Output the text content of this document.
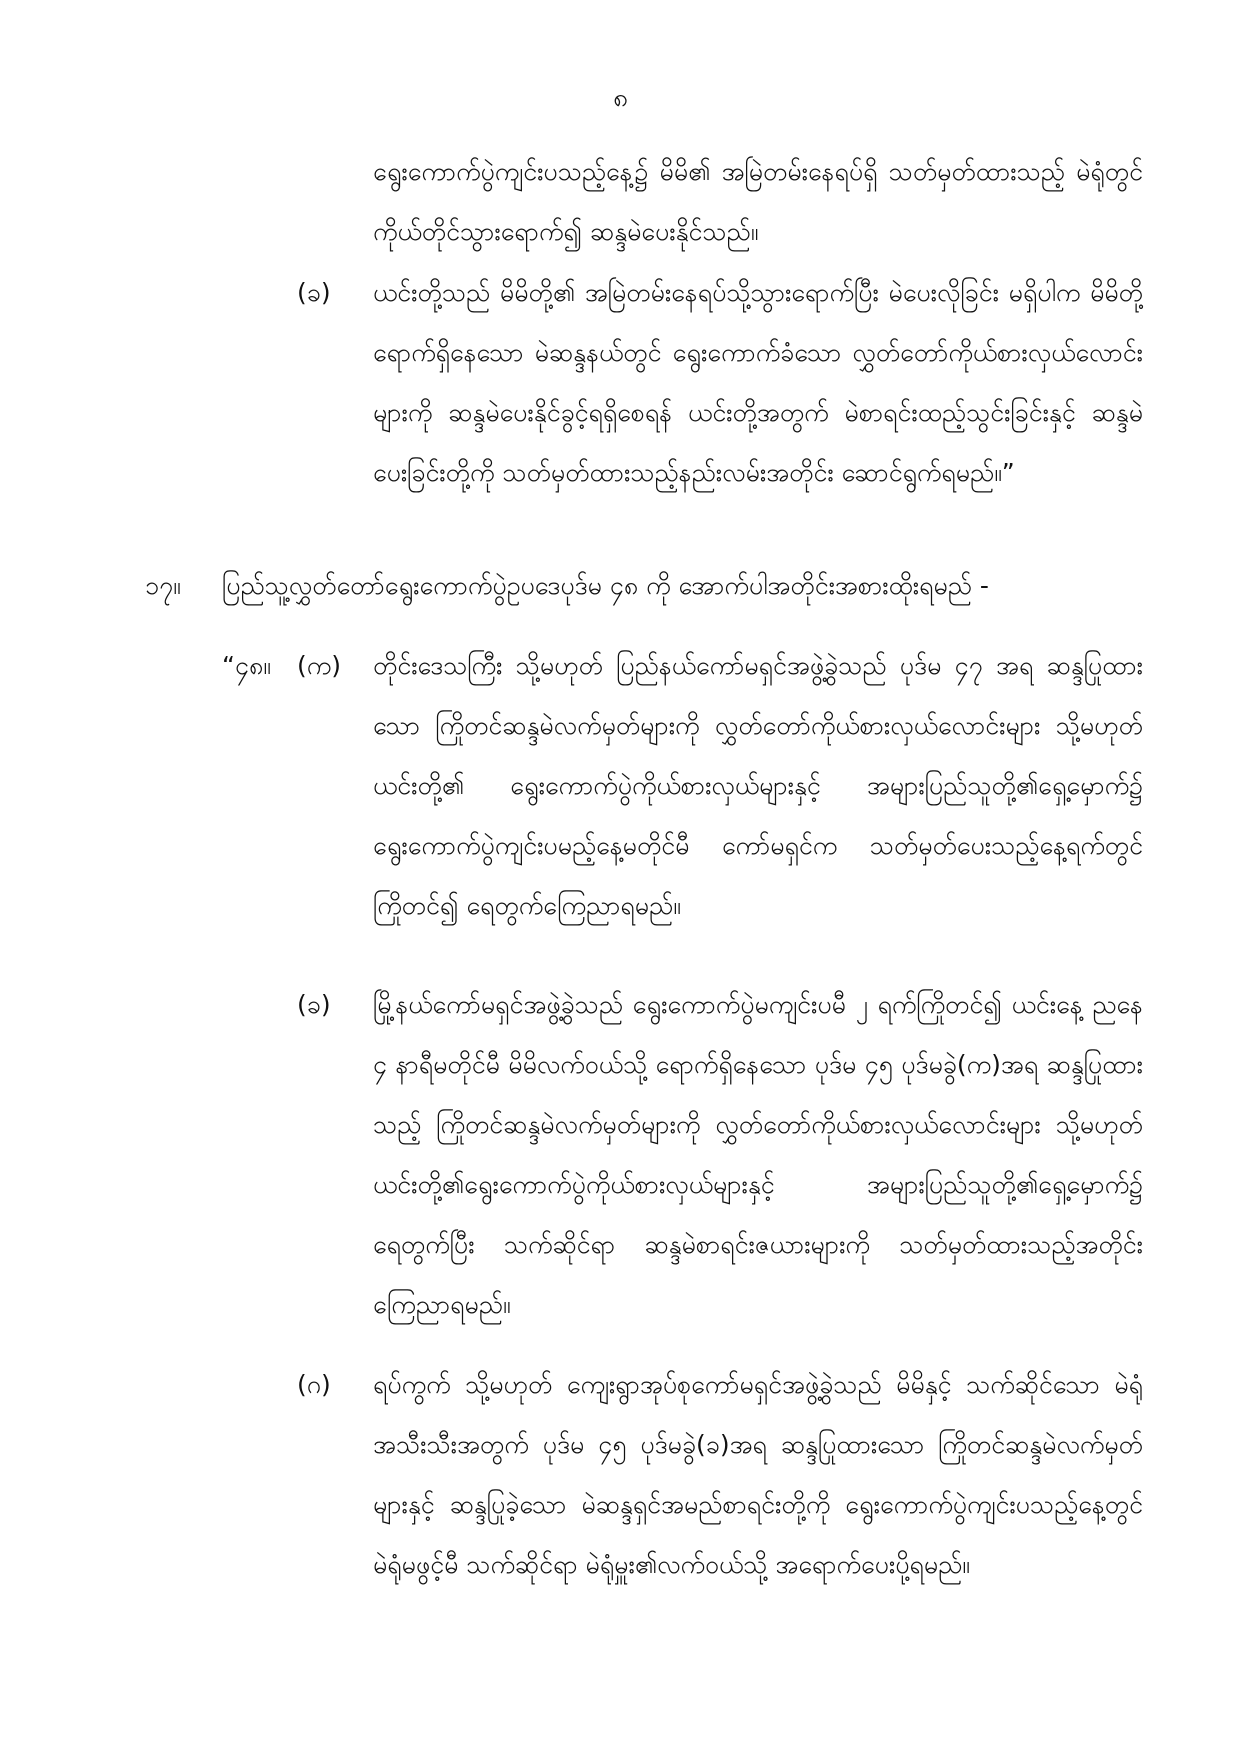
၈
ရွေးကောက်ပွဲကျင်းပသည့်နေ့၌ မိမိ၏ အမြဲတမ်းနေရပ်ရှိ သတ်မှတ်ထားသည့် မဲရုံတွင် ကိုယ်တိုင်သွားရောက်၍ ဆန္ဒမဲပေးနိုင်သည်။
(ခ) ယင်းတို့သည် မိမိတို့၏ အမြဲတမ်းနေရပ်သို့သွားရောက်ပြီး မဲပေးလိုခြင်း မရှိပါက မိမိတို့ရောက်ရှိနေသော မဲဆန္ဒနယ်တွင် ရွေးကောက်ခံသော လွှတ်တော်ကိုယ်စားလှယ်လောင်းများကို ဆန္ဒမဲပေးနိုင်ခွင့်ရရှိစေရန် ယင်းတို့အတွက် မဲစာရင်းထည့်သွင်းခြင်းနှင့် ဆန္ဒမဲပေးခြင်းတို့ကို သတ်မှတ်ထားသည့်နည်းလမ်းအတိုင်း ဆောင်ရွက်ရမည်။”
၁၇။ ပြည်သူ့လွှတ်တော်ရွေးကောက်ပွဲဥပဒေပုဒ်မ ၄၈ ကို အောက်ပါအတိုင်းအစားထိုးရမည် -
“၄၈။ (က) တိုင်းဒေသကြီး သို့မဟုတ် ပြည်နယ်ကော်မရှင်အဖွဲ့ခွဲသည် ပုဒ်မ ၄၇ အရ ဆန္ဒပြုထားသော ကြိုတင်ဆန္ဒမဲလက်မှတ်များကို လွှတ်တော်ကိုယ်စားလှယ်လောင်းများ သို့မဟုတ် ယင်းတို့၏ ရွေးကောက်ပွဲကိုယ်စားလှယ်များနှင့် အများပြည်သူတို့၏ရှေ့မှောက်၌ ရွေးကောက်ပွဲကျင်းပမည့်နေ့မတိုင်မီ ကော်မရှင်က သတ်မှတ်ပေးသည့်နေ့ရက်တွင် ကြိုတင်၍ ရေတွက်ကြေညာရမည်။
(ခ) မြို့နယ်ကော်မရှင်အဖွဲ့ခွဲသည် ရွေးကောက်ပွဲမကျင်းပမီ ၂ ရက်ကြိုတင်၍ ယင်းနေ့ ညနေ ၄ နာရီမတိုင်မီ မိမိလက်ဝယ်သို့ ရောက်ရှိနေသော ပုဒ်မ ၄၅ ပုဒ်မခွဲ(က)အရ ဆန္ဒပြုထားသည့် ကြိုတင်ဆန္ဒမဲလက်မှတ်များကို လွှတ်တော်ကိုယ်စားလှယ်လောင်းများ သို့မဟုတ် ယင်းတို့၏ရွေးကောက်ပွဲကိုယ်စားလှယ်များနှင့် အများပြည်သူတို့၏ရှေ့မှောက်၌ ရေတွက်ပြီး သက်ဆိုင်ရာ ဆန္ဒမဲစာရင်းဇယားများကို သတ်မှတ်ထားသည့်အတိုင်း ကြေညာရမည်။
(ဂ) ရပ်ကွက် သို့မဟုတ် ကျေးရွာအုပ်စုကော်မရှင်အဖွဲ့ခွဲသည် မိမိနှင့် သက်ဆိုင်သော မဲရုံအသီးသီးအတွက် ပုဒ်မ ၄၅ ပုဒ်မခွဲ(ခ)အရ ဆန္ဒပြုထားသော ကြိုတင်ဆန္ဒမဲလက်မှတ်များနှင့် ဆန္ဒပြုခဲ့သော မဲဆန္ဒရှင်အမည်စာရင်းတို့ကို ရွေးကောက်ပွဲကျင်းပသည့်နေ့တွင် မဲရုံမဖွင့်မီ သက်ဆိုင်ရာ မဲရုံမှူး၏လက်ဝယ်သို့ အရောက်ပေးပို့ရမည်။
